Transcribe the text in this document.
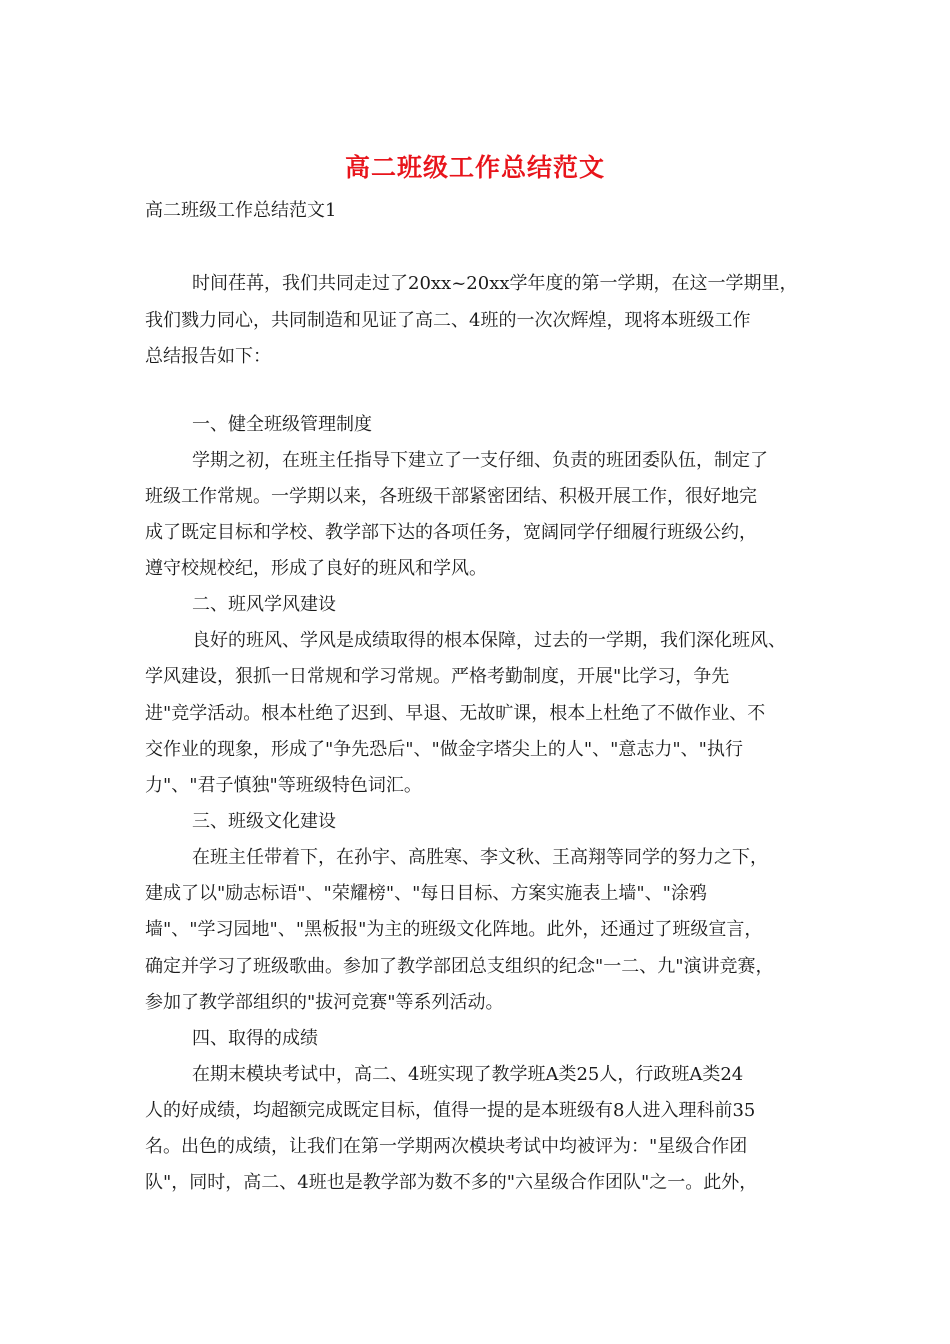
高二班级工作总结范文
高二班级工作总结范文1
时间荏苒，我们共同走过了20xx~20xx学年度的第一学期，在这一学期里，
我们戮力同心，共同制造和见证了高二、4班的一次次辉煌，现将本班级工作
总结报告如下：
一、健全班级管理制度
学期之初，在班主任指导下建立了一支仔细、负责的班团委队伍，制定了
班级工作常规。一学期以来，各班级干部紧密团结、积极开展工作，很好地完
成了既定目标和学校、教学部下达的各项任务，宽阔同学仔细履行班级公约，
遵守校规校纪，形成了良好的班风和学风。
二、班风学风建设
良好的班风、学风是成绩取得的根本保障，过去的一学期，我们深化班风、
学风建设，狠抓一日常规和学习常规。严格考勤制度，开展"比学习，争先
进"竞学活动。根本杜绝了迟到、早退、无故旷课，根本上杜绝了不做作业、不
交作业的现象，形成了"争先恐后"、"做金字塔尖上的人"、"意志力"、"执行
力"、"君子慎独"等班级特色词汇。
三、班级文化建设
在班主任带着下，在孙宇、高胜寒、李文秋、王高翔等同学的努力之下，
建成了以"励志标语"、"荣耀榜"、"每日目标、方案实施表上墙"、"涂鸦
墙"、"学习园地"、"黑板报"为主的班级文化阵地。此外，还通过了班级宣言，
确定并学习了班级歌曲。参加了教学部团总支组织的纪念"一二、九"演讲竞赛，
参加了教学部组织的"拔河竞赛"等系列活动。
四、取得的成绩
在期末模块考试中，高二、4班实现了教学班A类25人，行政班A类24
人的好成绩，均超额完成既定目标，值得一提的是本班级有8人进入理科前35
名。出色的成绩，让我们在第一学期两次模块考试中均被评为："星级合作团
队"，同时，高二、4班也是教学部为数不多的"六星级合作团队"之一。此外，
